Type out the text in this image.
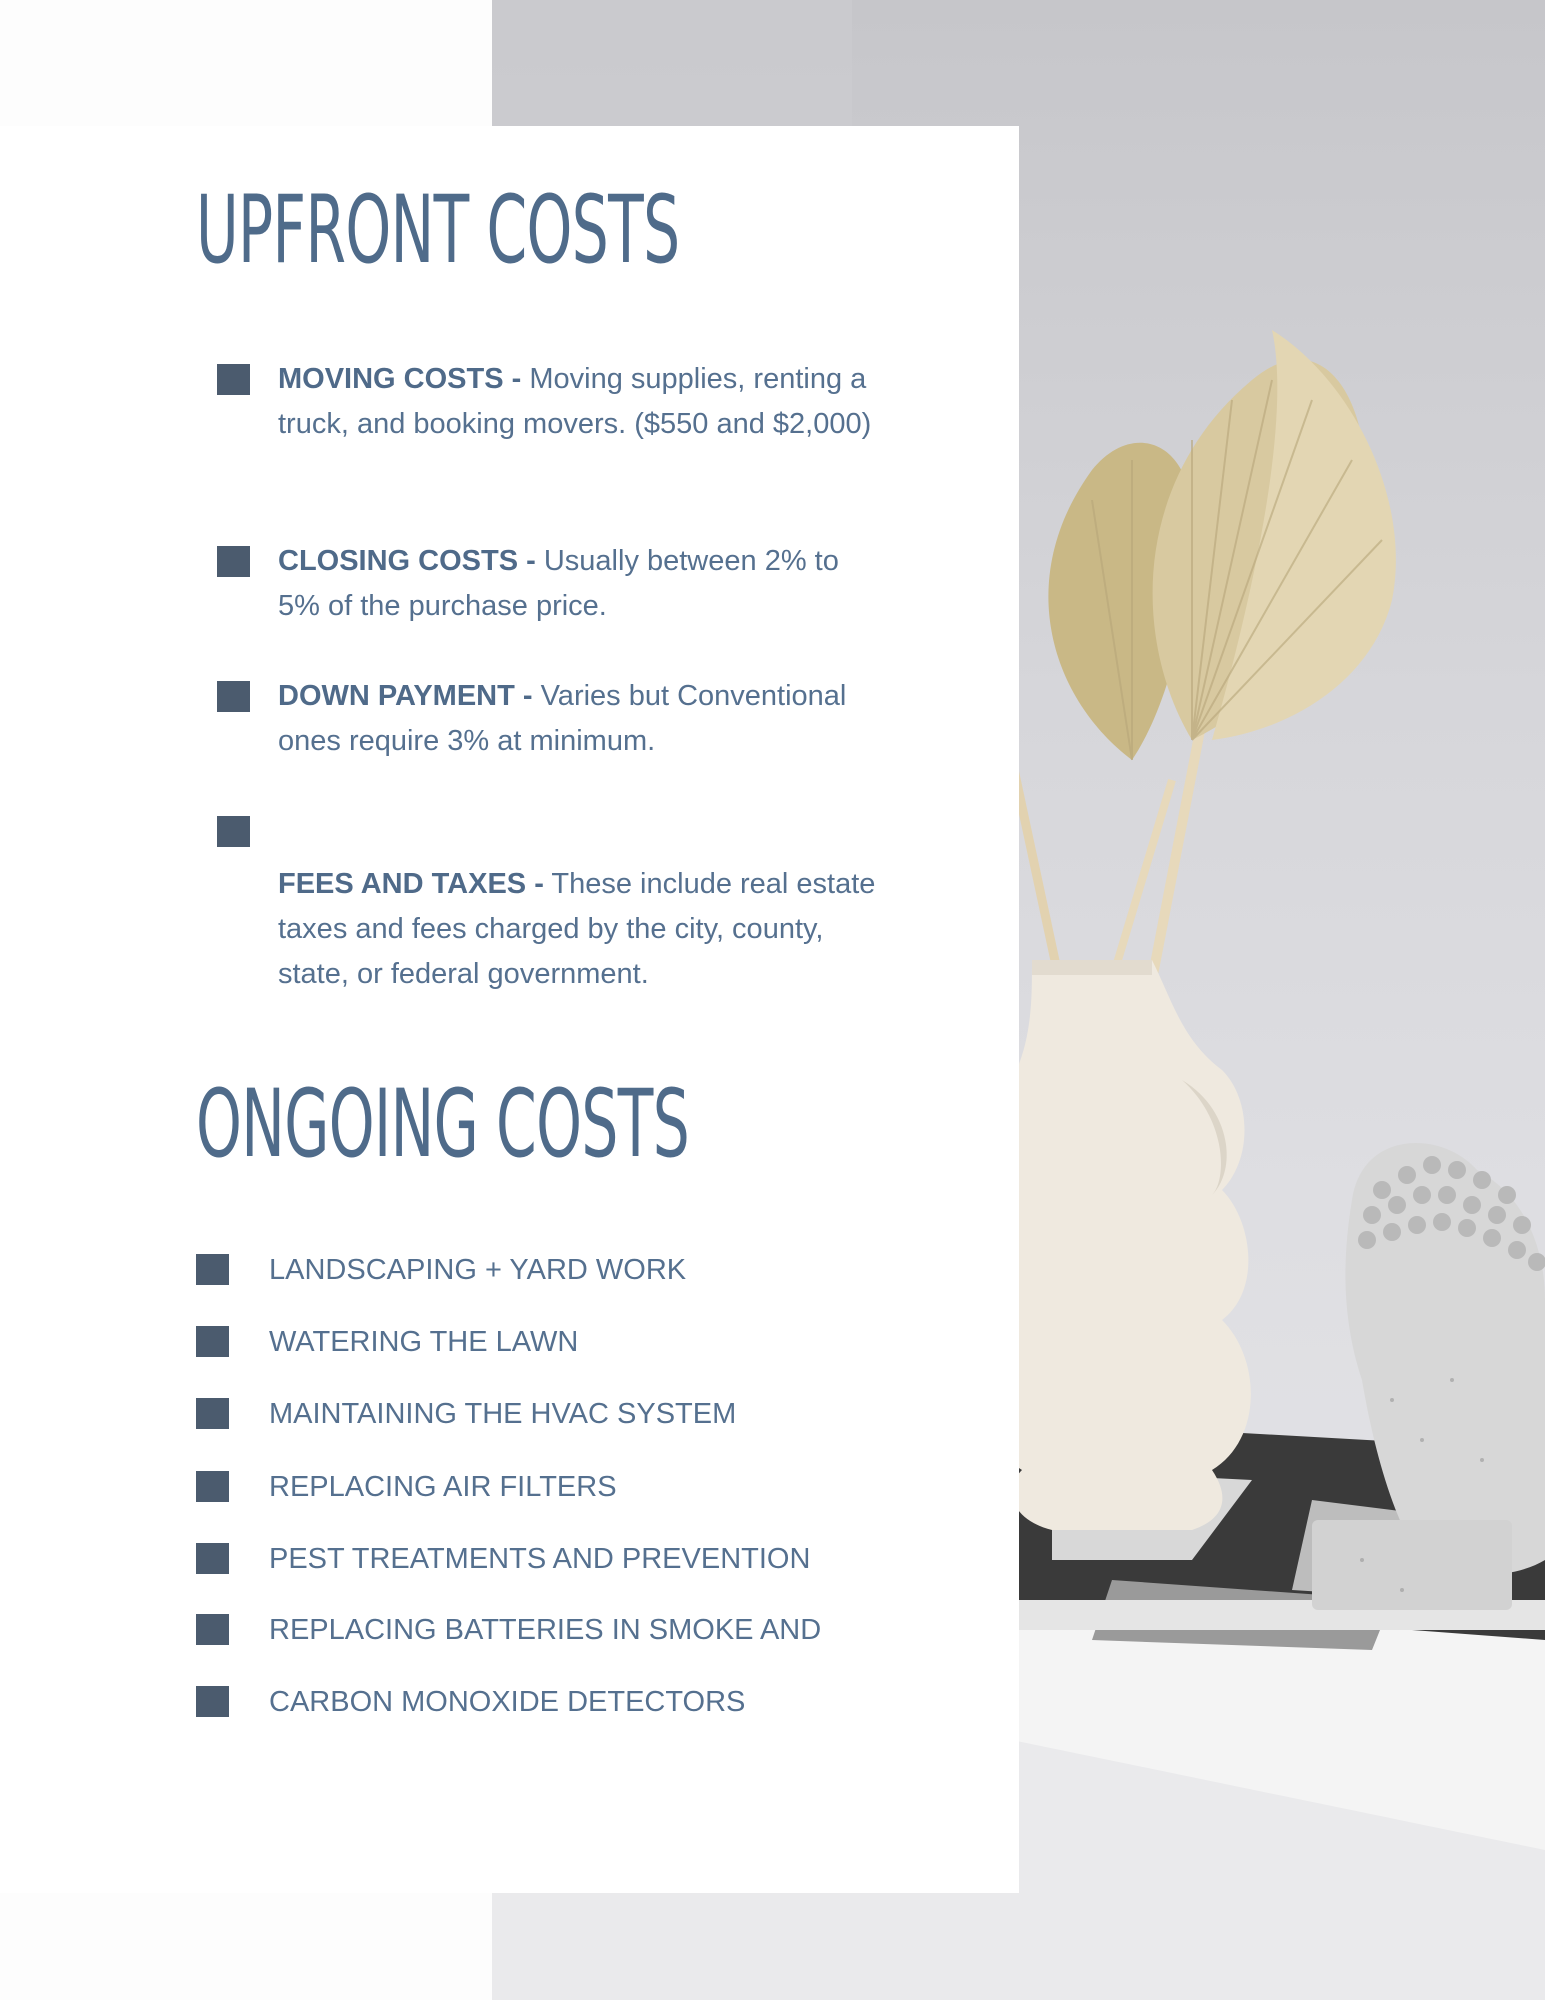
UPFRONT COSTS
MOVING COSTS - Moving supplies, renting a truck, and booking movers. ($550 and $2,000)
CLOSING COSTS - Usually between 2% to 5% of the purchase price.
DOWN PAYMENT - Varies but Conventional ones require 3% at minimum.
FEES AND TAXES - These include real estate taxes and fees charged by the city, county, state, or federal government.
ONGOING COSTS
LANDSCAPING + YARD WORK
WATERING THE LAWN
MAINTAINING THE HVAC SYSTEM
REPLACING AIR FILTERS
PEST TREATMENTS AND PREVENTION
REPLACING BATTERIES IN SMOKE AND
CARBON MONOXIDE DETECTORS
